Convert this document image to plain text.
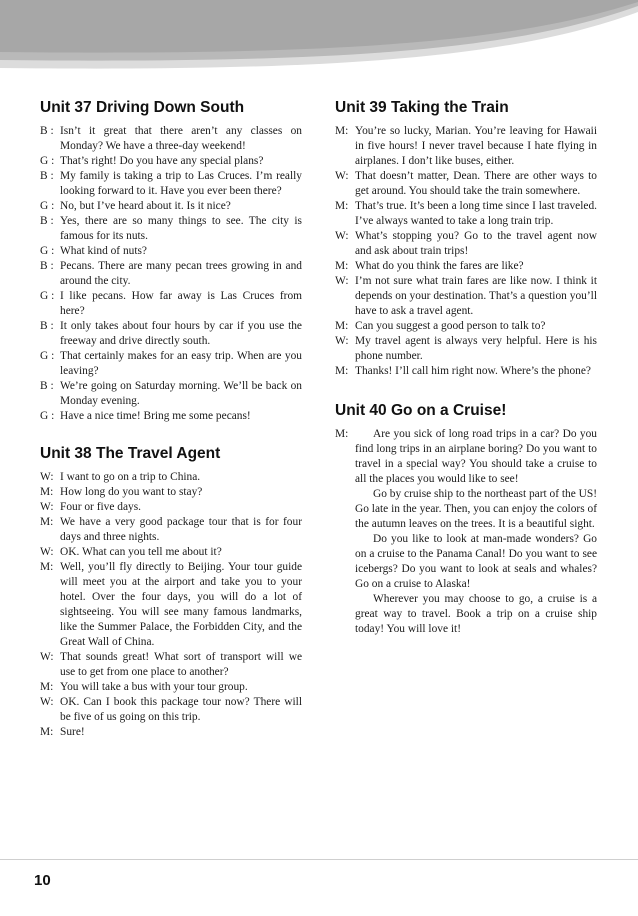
Unit 37 Driving Down South
B : Isn’t it great that there aren’t any classes on Monday? We have a three-day weekend!
G : That’s right! Do you have any special plans?
B : My family is taking a trip to Las Cruces. I’m really looking forward to it. Have you ever been there?
G : No, but I’ve heard about it. Is it nice?
B : Yes, there are so many things to see. The city is famous for its nuts.
G : What kind of nuts?
B : Pecans. There are many pecan trees growing in and around the city.
G : I like pecans. How far away is Las Cruces from here?
B : It only takes about four hours by car if you use the freeway and drive directly south.
G : That certainly makes for an easy trip. When are you leaving?
B : We’re going on Saturday morning. We’ll be back on Monday evening.
G : Have a nice time! Bring me some pecans!
Unit 38 The Travel Agent
W: I want to go on a trip to China.
M: How long do you want to stay?
W: Four or five days.
M: We have a very good package tour that is for four days and three nights.
W: OK. What can you tell me about it?
M: Well, you’ll fly directly to Beijing. Your tour guide will meet you at the airport and take you to your hotel. Over the four days, you will do a lot of sightseeing. You will see many famous landmarks, like the Summer Palace, the Forbidden City, and the Great Wall of China.
W: That sounds great! What sort of transport will we use to get from one place to another?
M: You will take a bus with your tour group.
W: OK. Can I book this package tour now? There will be five of us going on this trip.
M: Sure!
Unit 39 Taking the Train
M: You’re so lucky, Marian. You’re leaving for Hawaii in five hours! I never travel because I hate flying in airplanes. I don’t like buses, either.
W: That doesn’t matter, Dean. There are other ways to get around. You should take the train somewhere.
M: That’s true. It’s been a long time since I last traveled. I’ve always wanted to take a long train trip.
W: What’s stopping you? Go to the travel agent now and ask about train trips!
M: What do you think the fares are like?
W: I’m not sure what train fares are like now. I think it depends on your destination. That’s a question you’ll have to ask a travel agent.
M: Can you suggest a good person to talk to?
W: My travel agent is always very helpful. Here is his phone number.
M: Thanks! I’ll call him right now. Where’s the phone?
Unit 40 Go on a Cruise!
M:	Are you sick of long road trips in a car? Do you find long trips in an airplane boring? Do you want to travel in a special way? You should take a cruise to all the places you would like to see!

Go by cruise ship to the northeast part of the US! Go late in the year. Then, you can enjoy the colors of the autumn leaves on the trees. It is a beautiful sight.

Do you like to look at man-made wonders? Go on a cruise to the Panama Canal! Do you want to see icebergs? Do you want to look at seals and whales? Go on a cruise to Alaska!

Wherever you may choose to go, a cruise is a great way to travel. Book a trip on a cruise ship today! You will love it!

10
